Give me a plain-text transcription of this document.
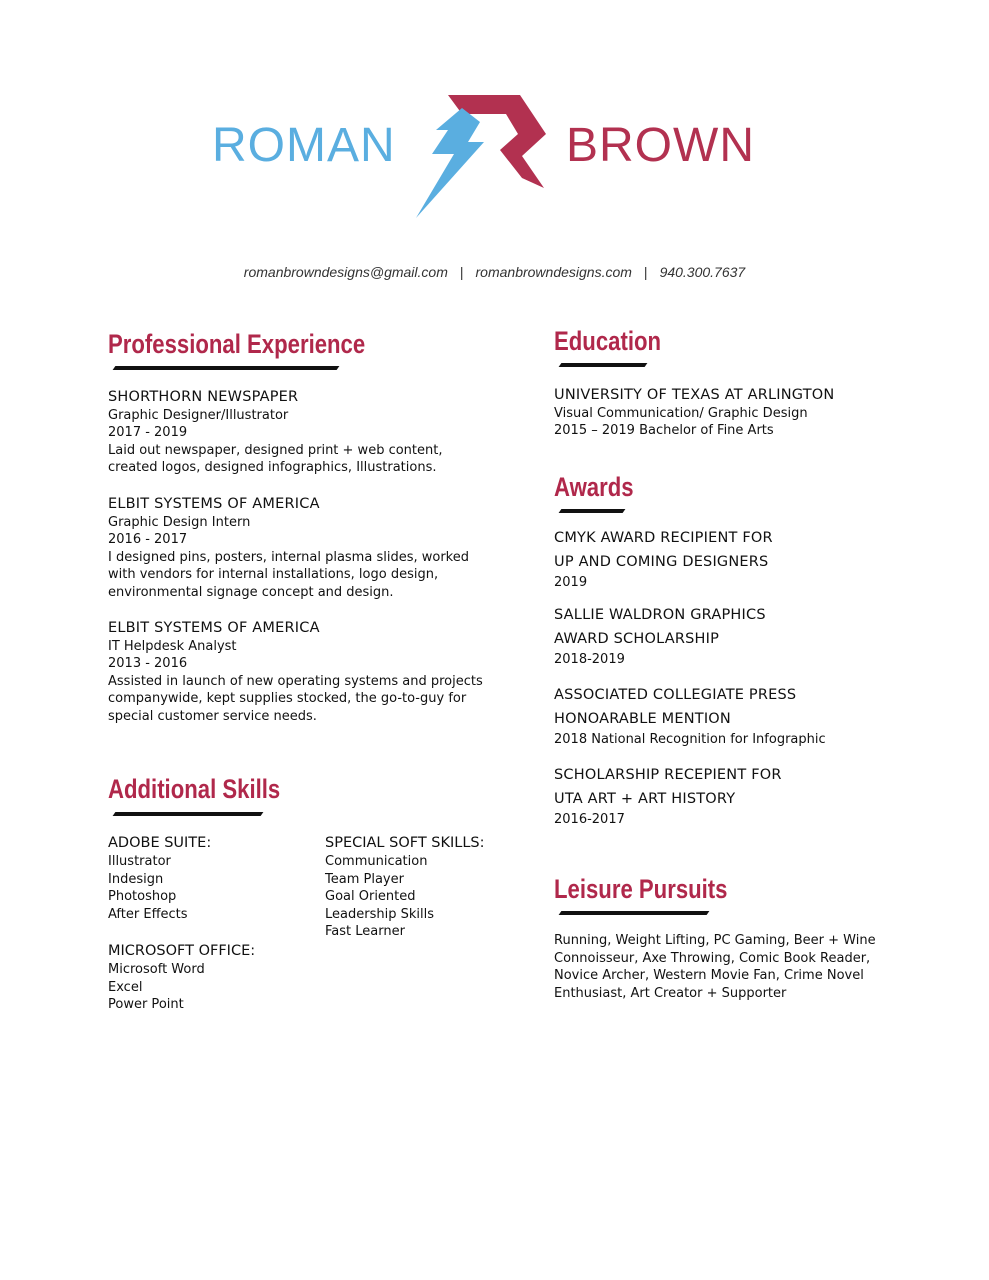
ROMAN	BROWN
romanbrowndesigns@gmail.com | romanbrowndesigns.com | 940.300.7637
Professional Experience
SHORTHORN NEWSPAPER
Graphic Designer/Illustrator
2017 - 2019
Laid out newspaper, designed print + web content, created logos, designed infographics, Illustrations.
ELBIT SYSTEMS OF AMERICA
Graphic Design Intern
2016 - 2017
I designed pins, posters, internal plasma slides, worked with vendors for internal installations, logo design, environmental signage concept and design.
ELBIT SYSTEMS OF AMERICA
IT Helpdesk Analyst
2013 - 2016
Assisted in launch of new operating systems and projects companywide, kept supplies stocked, the go-to-guy for special customer service needs.
Additional Skills
ADOBE SUITE:
Illustrator
Indesign
Photoshop
After Effects
MICROSOFT OFFICE:
Microsoft Word
Excel
Power Point
SPECIAL SOFT SKILLS:
Communication
Team Player
Goal Oriented
Leadership Skills
Fast Learner
Education
UNIVERSITY OF TEXAS AT ARLINGTON
Visual Communication/ Graphic Design
2015 – 2019 Bachelor of Fine Arts
Awards
CMYK AWARD RECIPIENT FOR
UP AND COMING DESIGNERS
2019
SALLIE WALDRON GRAPHICS
AWARD SCHOLARSHIP
2018-2019
ASSOCIATED COLLEGIATE PRESS
HONOARABLE MENTION
2018 National Recognition for Infographic
SCHOLARSHIP RECEPIENT FOR
UTA ART + ART HISTORY
2016-2017
Leisure Pursuits
Running, Weight Lifting, PC Gaming, Beer + Wine Connoisseur, Axe Throwing, Comic Book Reader, Novice Archer, Western Movie Fan, Crime Novel Enthusiast, Art Creator + Supporter
